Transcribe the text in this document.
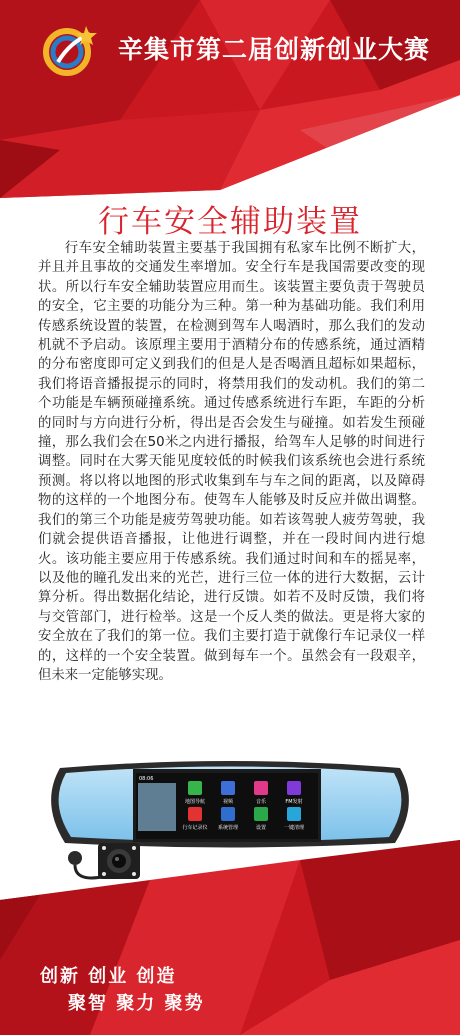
辛集市第二届创新创业大赛
行车安全辅助装置

行车安全辅助装置主要基于我国拥有私家车比例不断扩大，并且并且事故的交通发生率增加。安全行车是我国需要改变的现状。所以行车安全辅助装置应用而生。该装置主要负责于驾驶员的安全，它主要的功能分为三种。第一种为基础功能。我们利用传感系统设置的装置，在检测到驾车人喝酒时，那么我们的发动机就不予启动。该原理主要用于酒精分布的传感系统，通过酒精的分布密度即可定义到我们的但是人是否喝酒且超标如果超标，我们将语音播报提示的同时，将禁用我们的发动机。我们的第二个功能是车辆预碰撞系统。通过传感系统进行车距，车距的分析的同时与方向进行分析，得出是否会发生与碰撞。如若发生预碰撞，那么我们会在50米之内进行播报，给驾车人足够的时间进行调整。同时在大雾天能见度较低的时候我们该系统也会进行系统预测。将以将以地图的形式收集到车与车之间的距离，以及障碍物的这样的一个地图分布。使驾车人能够及时反应并做出调整。我们的第三个功能是疲劳驾驶功能。如若该驾驶人疲劳驾驶，我们就会提供语音播报，让他进行调整，并在一段时间内进行熄火。该功能主要应用于传感系统。我们通过时间和车的摇晃率，以及他的瞳孔发出来的光芒，进行三位一体的进行大数据，云计算分析。得出数据化结论，进行反馈。如若不及时反馈，我们将与交管部门，进行检举。这是一个反人类的做法。更是将大家的安全放在了我们的第一位。我们主要打造于就像行车记录仪一样的，这样的一个安全装置。做到每车一个。虽然会有一段艰辛，但未来一定能够实现。

08:06
地图导航	视频	音乐	FM发射
行车记录仪 系统管理	设置	一键清理
创新 创业 创造
聚智 聚力 聚势
